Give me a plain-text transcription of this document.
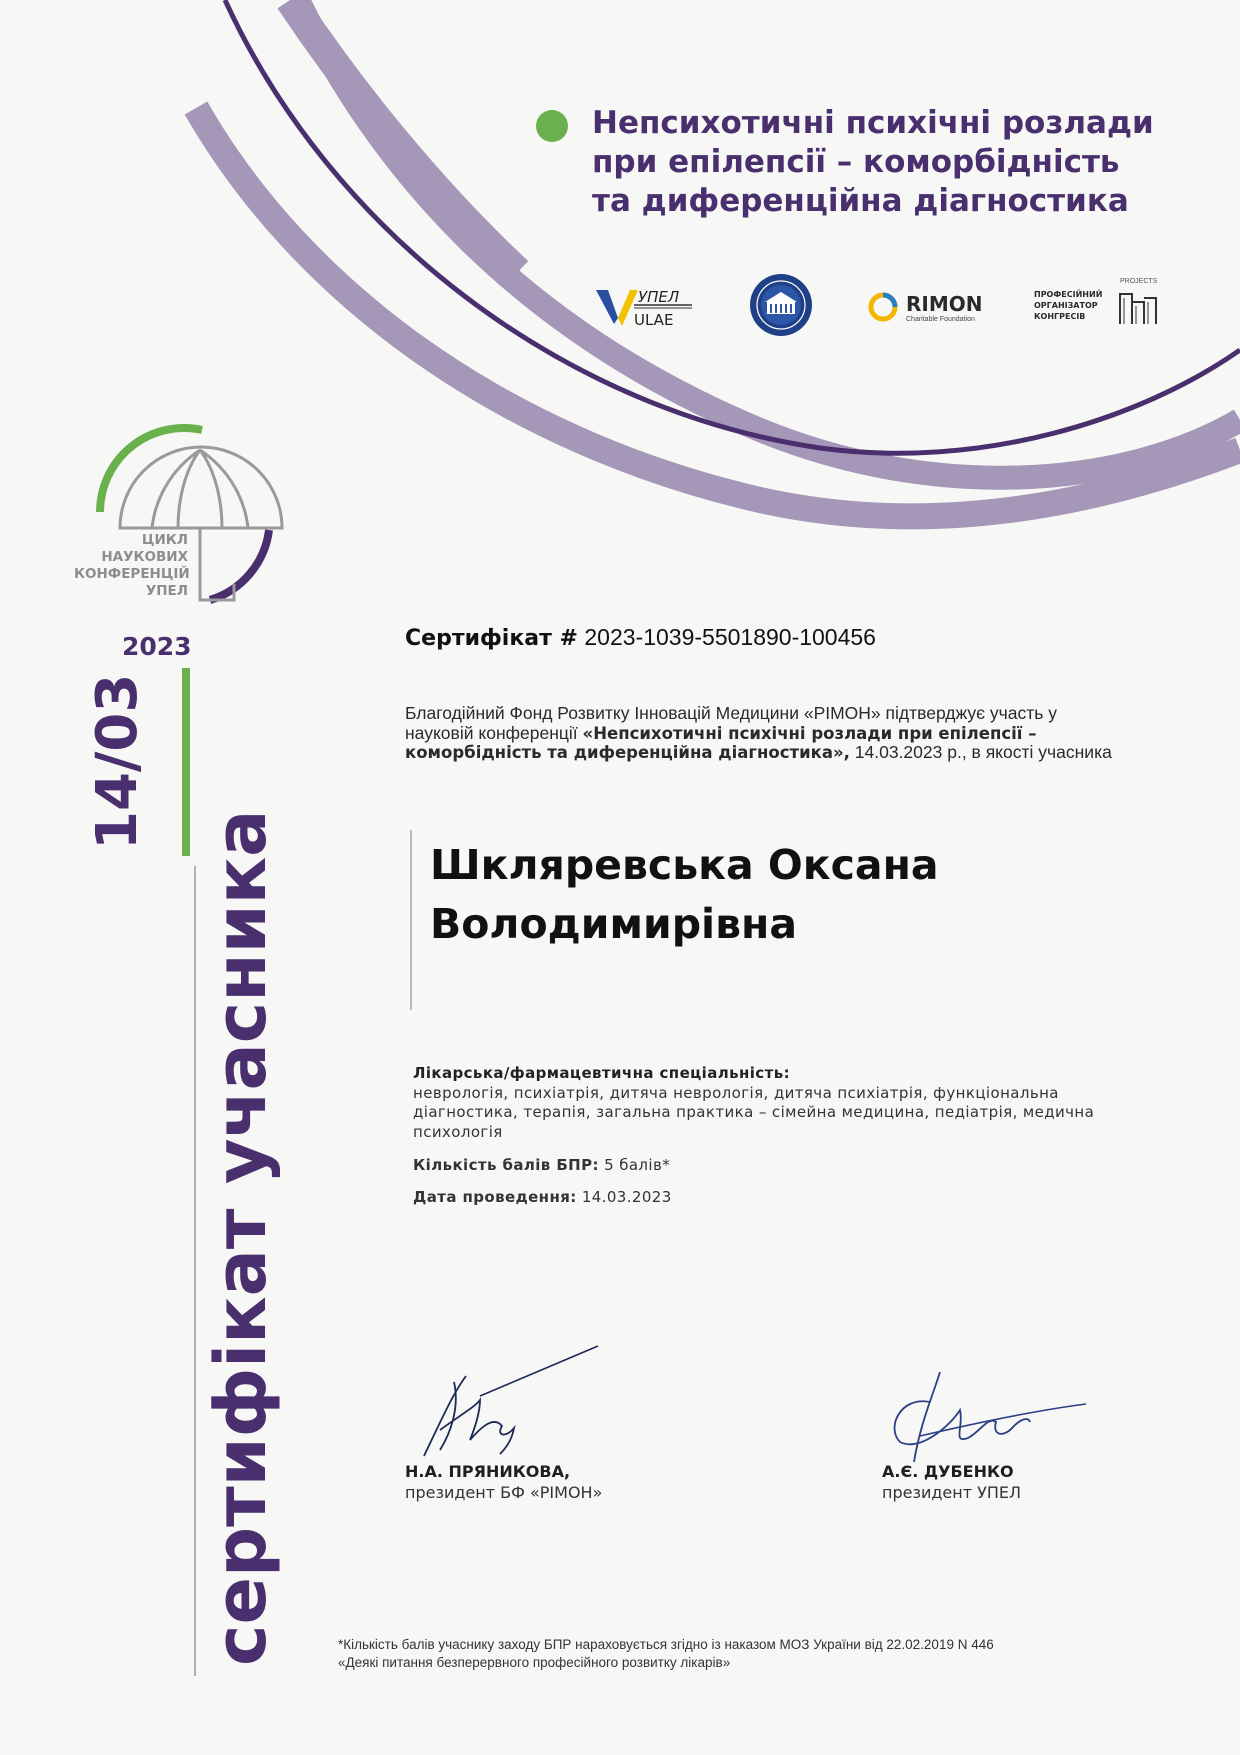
Непсихотичні психічні розлади
при епілепсії – коморбідність
та диференційна діагностика
УПЕЛ
ULAE
RIMON
Charitable Foundation
ПРОФЕСІЙНИЙ
ОРГАНІЗАТОР
КОНГРЕСІВ
PROJECTS
ЦИКЛ
НАУКОВИХ
КОНФЕРЕНЦІЙ
УПЕЛ
2023
14/03
сертифікат учасника
Сертифікат # 2023-1039-5501890-100456
Благодійний Фонд Розвитку Інновацій Медицини «РІМОН» підтверджує участь у науковій конференції «Непсихотичні психічні розлади при епілепсії – коморбідність та диференційна діагностика», 14.03.2023 р., в якості учасника
Шкляревська Оксана
Володимирівна
Лікарська/фармацевтична спеціальність:
неврологія, психіатрія, дитяча неврологія, дитяча психіатрія, функціональна діагностика, терапія, загальна практика – сімейна медицина, педіатрія, медична психологія
Кількість балів БПР: 5 балів*
Дата проведення: 14.03.2023
Н.А. ПРЯНИКОВА,
президент БФ «РІМОН»
А.Є. ДУБЕНКО
президент УПЕЛ
*Кількість балів учаснику заходу БПР нараховується згідно із наказом МОЗ України від 22.02.2019 N 446
«Деякі питання безперервного професійного розвитку лікарів»
